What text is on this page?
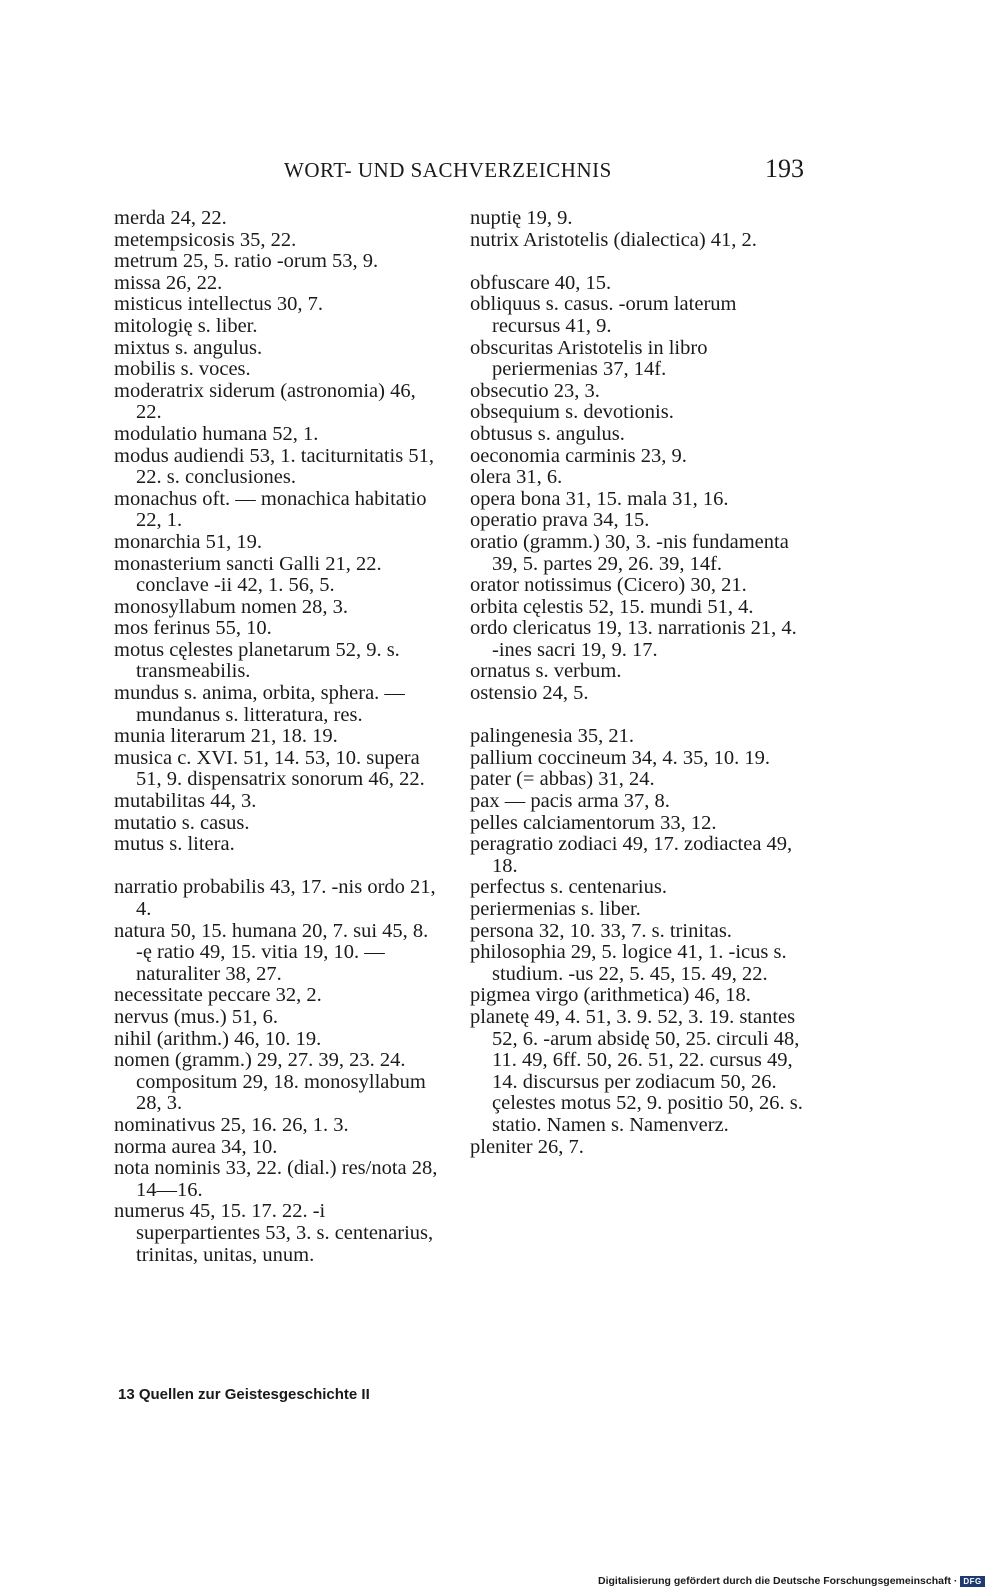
WORT- UND SACHVERZEICHNIS	193
merda 24, 22.
metempsicosis 35, 22.
metrum 25, 5. ratio -orum 53, 9.
missa 26, 22.
misticus intellectus 30, 7.
mitologię s. liber.
mixtus s. angulus.
mobilis s. voces.
moderatrix siderum (astronomia) 46, 22.
modulatio humana 52, 1.
modus audiendi 53, 1. taciturnitatis 51, 22. s. conclusiones.
monachus oft. — monachica habitatio 22, 1.
monarchia 51, 19.
monasterium sancti Galli 21, 22. conclave -ii 42, 1. 56, 5.
monosyllabum nomen 28, 3.
mos ferinus 55, 10.
motus cęlestes planetarum 52, 9. s. transmeabilis.
mundus s. anima, orbita, sphera. — mundanus s. litteratura, res.
munia literarum 21, 18. 19.
musica c. XVI. 51, 14. 53, 10. supera 51, 9. dispensatrix sonorum 46, 22.
mutabilitas 44, 3.
mutatio s. casus.
mutus s. litera.
narratio probabilis 43, 17. -nis ordo 21, 4.
natura 50, 15. humana 20, 7. sui 45, 8. -ę ratio 49, 15. vitia 19, 10. — naturaliter 38, 27.
necessitate peccare 32, 2.
nervus (mus.) 51, 6.
nihil (arithm.) 46, 10. 19.
nomen (gramm.) 29, 27. 39, 23. 24. compositum 29, 18. monosyllabum 28, 3.
nominativus 25, 16. 26, 1. 3.
norma aurea 34, 10.
nota nominis 33, 22. (dial.) res/nota 28, 14—16.
numerus 45, 15. 17. 22. -i superpartientes 53, 3. s. centenarius, trinitas, unitas, unum.
nuptię 19, 9.
nutrix Aristotelis (dialectica) 41, 2.
obfuscare 40, 15.
obliquus s. casus. -orum laterum recursus 41, 9.
obscuritas Aristotelis in libro periermenias 37, 14f.
obsecutio 23, 3.
obsequium s. devotionis.
obtusus s. angulus.
oeconomia carminis 23, 9.
olera 31, 6.
opera bona 31, 15. mala 31, 16.
operatio prava 34, 15.
oratio (gramm.) 30, 3. -nis fundamenta 39, 5. partes 29, 26. 39, 14f.
orator notissimus (Cicero) 30, 21.
orbita cęlestis 52, 15. mundi 51, 4.
ordo clericatus 19, 13. narrationis 21, 4. -ines sacri 19, 9. 17.
ornatus s. verbum.
ostensio 24, 5.
palingenesia 35, 21.
pallium coccineum 34, 4. 35, 10. 19.
pater (= abbas) 31, 24.
pax — pacis arma 37, 8.
pelles calciamentorum 33, 12.
peragratio zodiaci 49, 17. zodiactea 49, 18.
perfectus s. centenarius.
periermenias s. liber.
persona 32, 10. 33, 7. s. trinitas.
philosophia 29, 5. logice 41, 1. -icus s. studium. -us 22, 5. 45, 15. 49, 22.
pigmea virgo (arithmetica) 46, 18.
planetę 49, 4. 51, 3. 9. 52, 3. 19. stantes 52, 6. -arum absidę 50, 25. circuli 48, 11. 49, 6ff. 50, 26. 51, 22. cursus 49, 14. discursus per zodiacum 50, 26. çelestes motus 52, 9. positio 50, 26. s. statio. Namen s. Namenverz.
pleniter 26, 7.
13 Quellen zur Geistesgeschichte II
Digitalisierung gefördert durch die Deutsche Forschungsgemeinschaft · DFG
